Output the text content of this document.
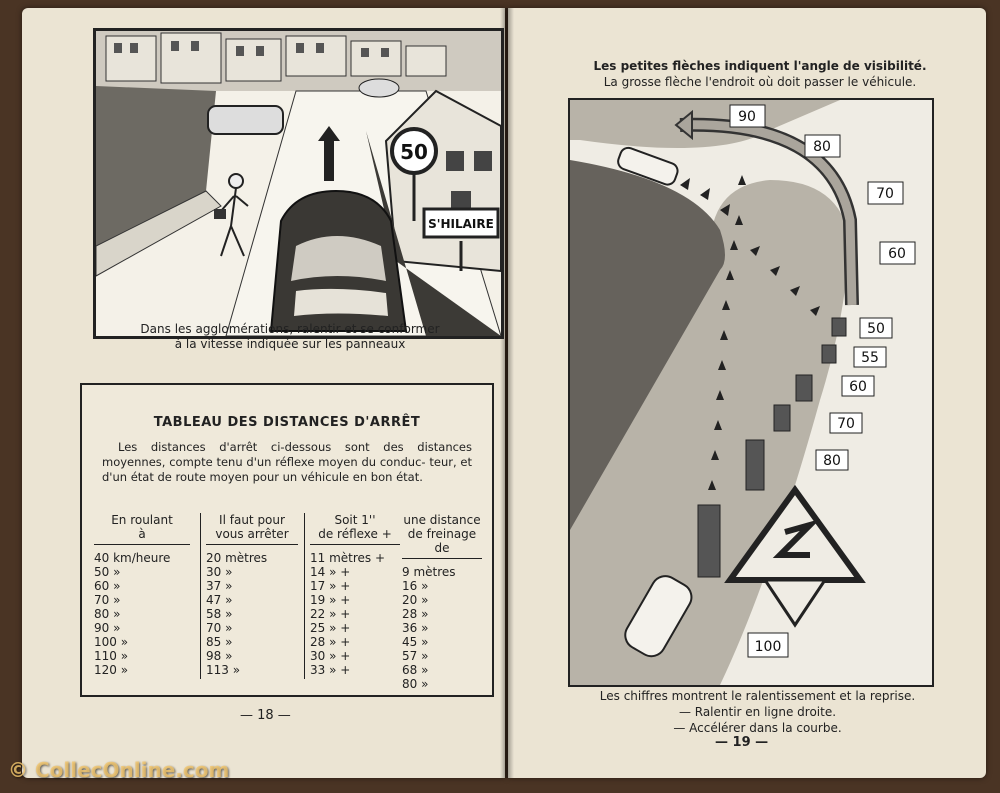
50
S'HILAIRE
Dans les agglomérations, ralentir et se conformer
à la vitesse indiquée sur les panneaux
TABLEAU DES DISTANCES D'ARRÊT
Les distances d'arrêt ci-dessous sont des distances moyennes, compte tenu d'un réflexe moyen du conduc- teur, et d'un état de route moyen pour un véhicule en bon état.
En roulant
à
40 km/heure
50 »
60 »
70 »
80 »
90 »
100 »
110 »
120 »
Il faut pour
vous arrêter
20 mètres
30 »
37 »
47 »
58 »
70 »
85 »
98 »
113 »
Soit 1''
de réflexe +
11 mètres +
14 » +
17 » +
19 » +
22 » +
25 » +
28 » +
30 » +
33 » +
une distance
de freinage de
9 mètres
16 »
20 »
28 »
36 »
45 »
57 »
68 »
80 »
— 18 —
Les petites flèches indiquent l'angle de visibilité.
La grosse flèche l'endroit où doit passer le véhicule.
90
80
70
60
50
55
60
70
80
100
Les chiffres montrent le ralentissement et la reprise.
— Ralentir en ligne droite.
— Accélérer dans la courbe.
— 19 —
© CollecOnline.com
